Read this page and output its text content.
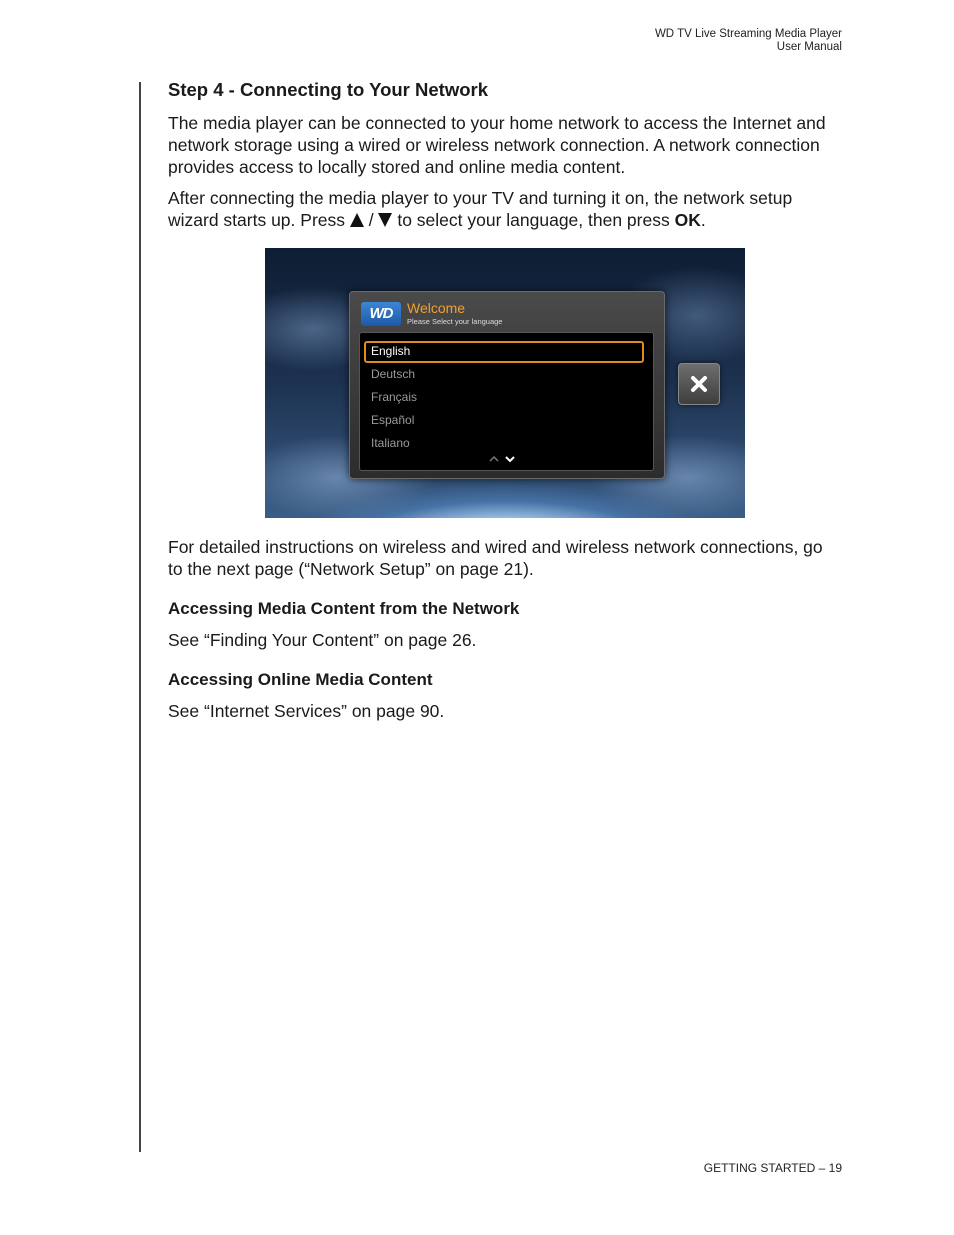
WD TV Live Streaming Media Player
User Manual
Step 4 - Connecting to Your Network

The media player can be connected to your home network to access the Internet and network storage using a wired or wireless network connection. A network connection provides access to locally stored and online media content.

After connecting the media player to your TV and turning it on, the network setup wizard starts up. Press  /  to select your language, then press OK.

WD	Welcome
Please Select your language
English
Deutsch
Français
Español
Italiano

For detailed instructions on wireless and wired and wireless network connections, go to the next page (“Network Setup” on page 21).

Accessing Media Content from the Network

See “Finding Your Content” on page 26.

Accessing Online Media Content

See “Internet Services” on page 90.

GETTING STARTED – 19
